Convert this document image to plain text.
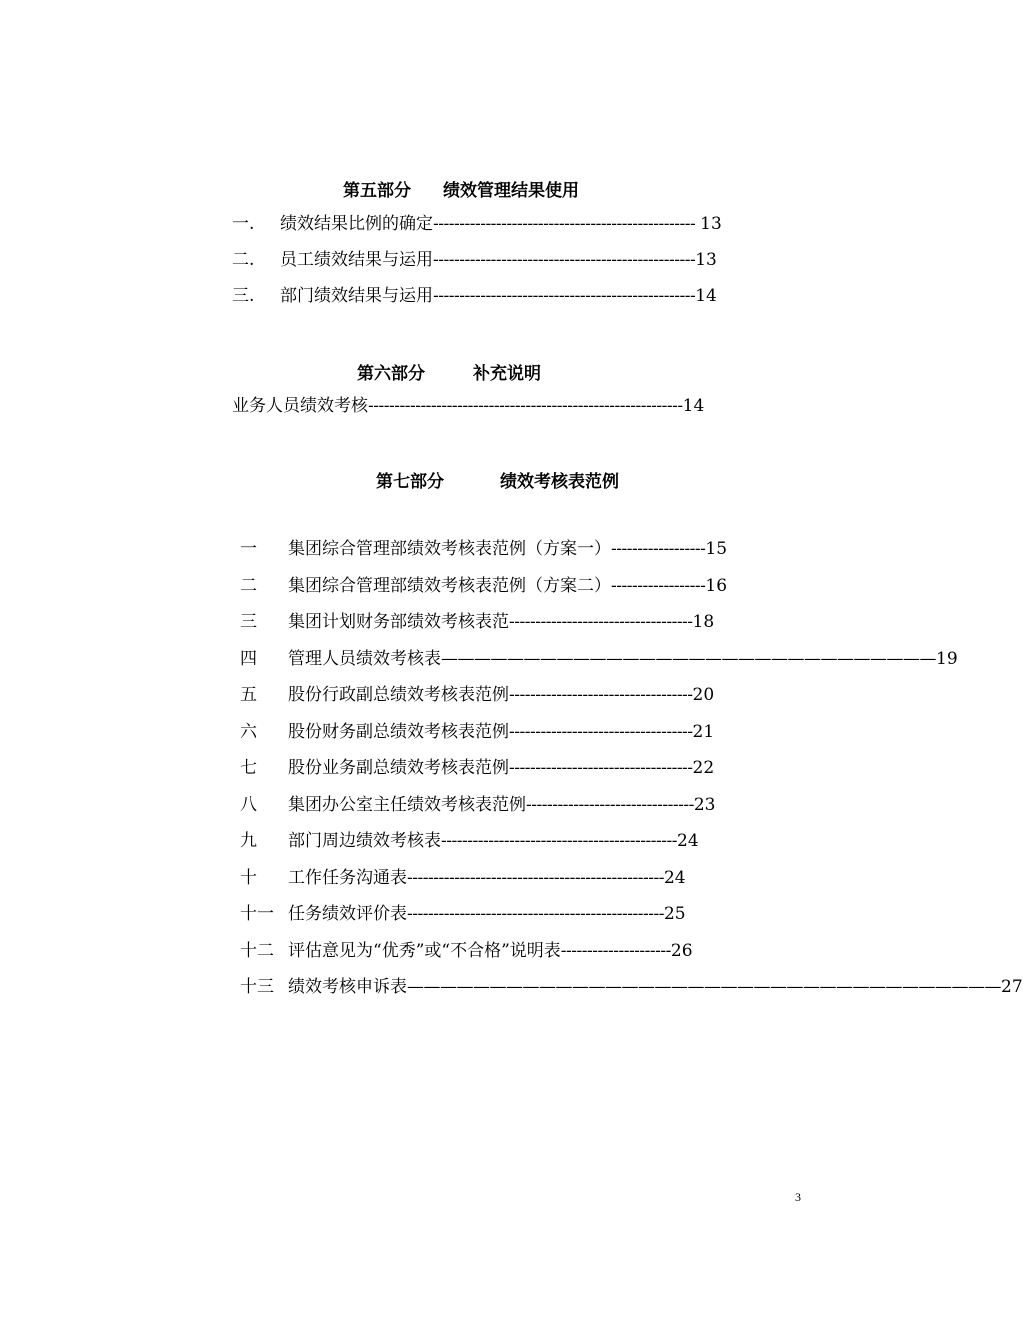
第五部分 绩效管理结果使用
一. 绩效结果比例的确定-------------------------------------------------- 13
二. 员工绩效结果与运用--------------------------------------------------13
三. 部门绩效结果与运用--------------------------------------------------14
第六部分	补充说明
业务人员绩效考核------------------------------------------------------------14
第七部分	绩效考核表范例
一 集团综合管理部绩效考核表范例（方案一）------------------15
二 集团综合管理部绩效考核表范例（方案二）------------------16
三 集团计划财务部绩效考核表范-----------------------------------18
四 管理人员绩效考核表——————————————————————————————19
五 股份行政副总绩效考核表范例-----------------------------------20
六 股份财务副总绩效考核表范例-----------------------------------21
七 股份业务副总绩效考核表范例-----------------------------------22
八 集团办公室主任绩效考核表范例--------------------------------23
九 部门周边绩效考核表---------------------------------------------24
十 工作任务沟通表-------------------------------------------------24
十一 任务绩效评价表-------------------------------------------------25
十二 评估意见为“优秀”或“不合格”说明表---------------------26
十三 绩效考核申诉表————————————————————————————————————27
3
